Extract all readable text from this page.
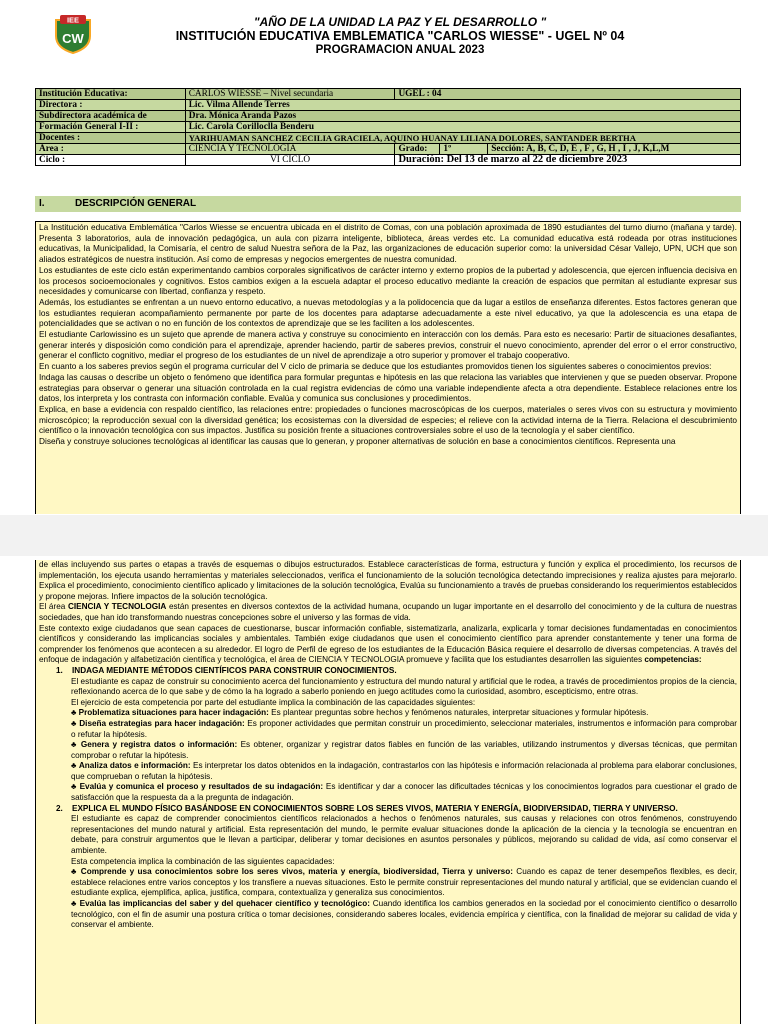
IEE
CW
"AÑO DE LA UNIDAD LA PAZ Y EL DESARROLLO "
INSTITUCIÓN EDUCATIVA EMBLEMATICA "CARLOS WIESSE" - UGEL Nº 04
PROGRAMACION ANUAL 2023
Institución Educativa:	CARLOS WIESSE – Nivel secundaria	UGEL : 04		
Directora :	Lic. Vilma Allende Terres			
Subdirectora académica de	Dra. Mónica Aranda Pazos			
Formación General I-II :	Lic. Carola Corilloclla Benderu			
Docentes :	YARIHUAMAN SANCHEZ CECILIA GRACIELA, AQUINO HUANAY LILIANA DOLORES, SANTANDER BERTHA			
Área :	CIENCIA Y TECNOLOGÍA	Grado:	1º	Sección: A, B, C, D, E , F , G, H , I , J, K,L,M
Ciclo :	VI CICLO	Duración: Del 13 de marzo al 22 de diciembre 2023		
I.	DESCRIPCIÓN GENERAL

La Institución educativa Emblemática "Carlos Wiesse se encuentra ubicada en el distrito de Comas, con una población aproximada de 1890 estudiantes del turno diurno (mañana y tarde). Presenta 3 laboratorios, aula de innovación pedagógica, un aula con pizarra inteligente, biblioteca, áreas verdes etc. La comunidad educativa está rodeada por otras instituciones educativas, la Municipalidad, la Comisaría, el centro de salud Nuestra señora de la Paz, las organizaciones de educación superior como: la universidad César Vallejo, UPN, UCH que son aliados estratégicos de nuestra institución. Así como de empresas y negocios emergentes de nuestra comunidad.

Los estudiantes de este ciclo están experimentando cambios corporales significativos de carácter interno y externo propios de la pubertad y adolescencia, que ejercen influencia decisiva en los procesos socioemocionales y cognitivos. Estos cambios exigen a la escuela adaptar el proceso educativo mediante la creación de espacios que permitan al estudiante expresar sus necesidades y comunicarse con libertad, confianza y respeto.

Además, los estudiantes se enfrentan a un nuevo entorno educativo, a nuevas metodologías y a la polidocencia que da lugar a estilos de enseñanza diferentes. Estos factores generan que los estudiantes requieran acompañamiento permanente por parte de los docentes para adaptarse adecuadamente a este nivel educativo, ya que la adolescencia es una etapa de potencialidades que se activan o no en función de los contextos de aprendizaje que se les faciliten a los adolescentes.

El estudiante Carlowissino es un sujeto que aprende de manera activa y construye su conocimiento en interacción con los demás. Para esto es necesario: Partir de situaciones desafiantes, generar interés y disposición como condición para el aprendizaje, aprender haciendo, partir de saberes previos, construir el nuevo conocimiento, aprender del error o el error constructivo, generar el conflicto cognitivo, mediar el progreso de los estudiantes de un nivel de aprendizaje a otro superior y promover el trabajo cooperativo.

En cuanto a los saberes previos según el programa curricular del V ciclo de primaria se deduce que los estudiantes promovidos tienen los siguientes saberes o conocimientos previos:

Indaga las causas o describe un objeto o fenómeno que identifica para formular preguntas e hipótesis en las que relaciona las variables que intervienen y que se pueden observar. Propone estrategias para observar o generar una situación controlada en la cual registra evidencias de cómo una variable independiente afecta a otra dependiente. Establece relaciones entre los datos, los interpreta y los contrasta con información confiable. Evalúa y comunica sus conclusiones y procedimientos.

Explica, en base a evidencia con respaldo científico, las relaciones entre: propiedades o funciones macroscópicas de los cuerpos, materiales o seres vivos con su estructura y movimiento microscópico; la reproducción sexual con la diversidad genética; los ecosistemas con la diversidad de especies; el relieve con la actividad interna de la Tierra. Relaciona el descubrimiento científico o la innovación tecnológica con sus impactos. Justifica su posición frente a situaciones controversiales sobre el uso de la tecnología y el saber científico.

Diseña y construye soluciones tecnológicas al identificar las causas que lo generan, y proponer alternativas de solución en base a conocimientos científicos. Representa una

de ellas incluyendo sus partes o etapas a través de esquemas o dibujos estructurados. Establece características de forma, estructura y función y explica el procedimiento, los recursos de implementación, los ejecuta usando herramientas y materiales seleccionados, verifica el funcionamiento de la solución tecnológica detectando imprecisiones y realiza ajustes para mejorarlo. Explica el procedimiento, conocimiento científico aplicado y limitaciones de la solución tecnológica, Evalúa su funcionamiento a través de pruebas considerando los requerimientos establecidos y propone mejoras. Infiere impactos de la solución tecnológica.

El área CIENCIA Y TECNOLOGIA están presentes en diversos contextos de la actividad humana, ocupando un lugar importante en el desarrollo del conocimiento y de la cultura de nuestras sociedades, que han ido transformando nuestras concepciones sobre el universo y las formas de vida.

Este contexto exige ciudadanos que sean capaces de cuestionarse, buscar información confiable, sistematizarla, analizarla, explicarla y tomar decisiones fundamentadas en conocimientos científicos y considerando las implicancias sociales y ambientales. También exige ciudadanos que usen el conocimiento científico para aprender constantemente y tener una forma de comprender los fenómenos que acontecen a su alrededor. El logro de Perfil de egreso de los estudiantes de la Educación Básica requiere el desarrollo de diversas competencias. A través del enfoque de indagación y alfabetización científica y tecnológica, el área de CIENCIA Y TECNOLOGIA promueve y facilita que los estudiantes desarrollen las siguientes competencias:

1. INDAGA MEDIANTE MÉTODOS CIENTÍFICOS PARA CONSTRUIR CONOCIMIENTOS.

El estudiante es capaz de construir su conocimiento acerca del funcionamiento y estructura del mundo natural y artificial que le rodea, a través de procedimientos propios de la ciencia, reflexionando acerca de lo que sabe y de cómo la ha logrado a saberlo poniendo en juego actitudes como la curiosidad, asombro, escepticismo, entre otras.

El ejercicio de esta competencia por parte del estudiante implica la combinación de las capacidades siguientes:

♣ Problematiza situaciones para hacer indagación: Es plantear preguntas sobre hechos y fenómenos naturales, interpretar situaciones y formular hipótesis.

♣ Diseña estrategias para hacer indagación: Es proponer actividades que permitan construir un procedimiento, seleccionar materiales, instrumentos e información para comprobar o refutar la hipótesis.

♣ Genera y registra datos o información: Es obtener, organizar y registrar datos fiables en función de las variables, utilizando instrumentos y diversas técnicas, que permitan comprobar o refutar la hipótesis.

♣ Analiza datos e información: Es interpretar los datos obtenidos en la indagación, contrastarlos con las hipótesis e información relacionada al problema para elaborar conclusiones, que comprueban o refutan la hipótesis.

♣ Evalúa y comunica el proceso y resultados de su indagación: Es identificar y dar a conocer las dificultades técnicas y los conocimientos logrados para cuestionar el grado de satisfacción que la respuesta da a la pregunta de indagación.

2. EXPLICA EL MUNDO FÍSICO BASÁNDOSE EN CONOCIMIENTOS SOBRE LOS SERES VIVOS, MATERIA Y ENERGÍA, BIODIVERSIDAD, TIERRA Y UNIVERSO.

El estudiante es capaz de comprender conocimientos científicos relacionados a hechos o fenómenos naturales, sus causas y relaciones con otros fenómenos, construyendo representaciones del mundo natural y artificial. Esta representación del mundo, le permite evaluar situaciones donde la aplicación de la ciencia y la tecnología se encuentran en debate, para construir argumentos que le llevan a participar, deliberar y tomar decisiones en asuntos personales y públicos, mejorando su calidad de vida, así como conservar el ambiente.

Esta competencia implica la combinación de las siguientes capacidades:

♣ Comprende y usa conocimientos sobre los seres vivos, materia y energía, biodiversidad, Tierra y universo: Cuando es capaz de tener desempeños flexibles, es decir, establece relaciones entre varios conceptos y los transfiere a nuevas situaciones. Esto le permite construir representaciones del mundo natural y artificial, que se evidencian cuando el estudiante explica, ejemplifica, aplica, justifica, compara, contextualiza y generaliza sus conocimientos.

♣ Evalúa las implicancias del saber y del quehacer científico y tecnológico: Cuando identifica los cambios generados en la sociedad por el conocimiento científico o desarrollo tecnológico, con el fin de asumir una postura crítica o tomar decisiones, considerando saberes locales, evidencia empírica y científica, con la finalidad de mejorar su calidad de vida y conservar el ambiente.
